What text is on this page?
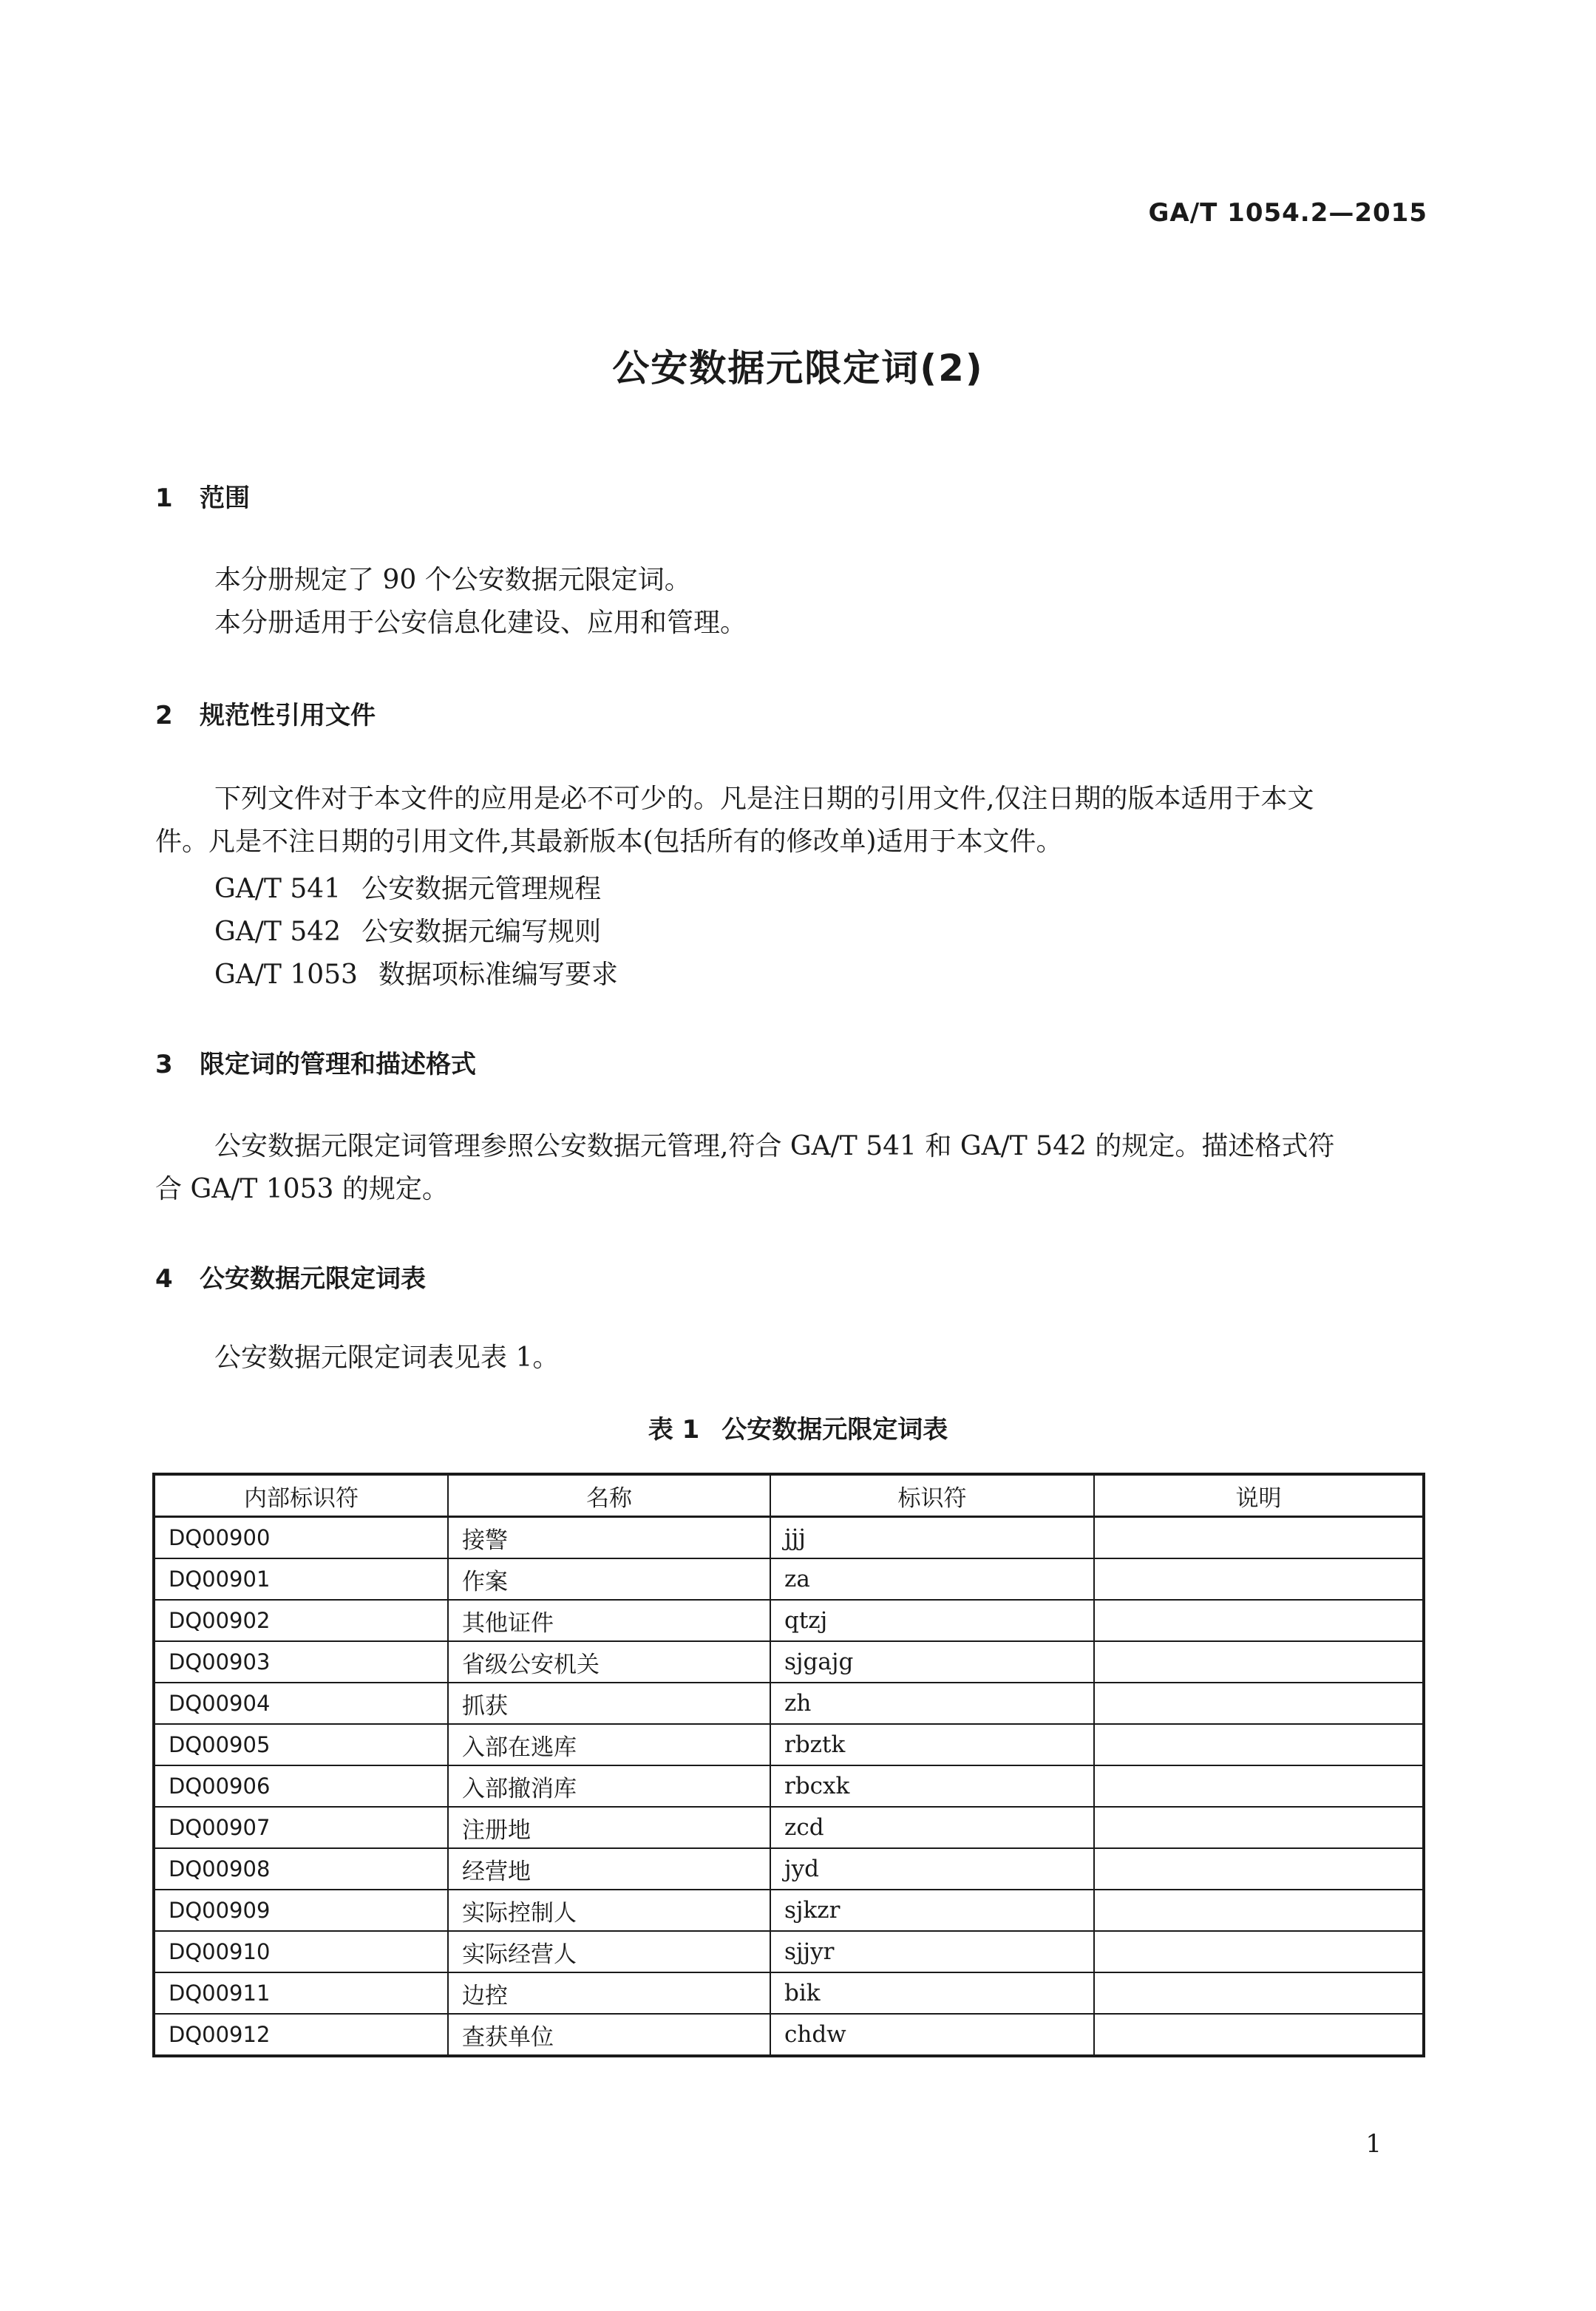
GA/T 1054.2—2015
公安数据元限定词(2)
1 范围
本分册规定了 90 个公安数据元限定词。
本分册适用于公安信息化建设、应用和管理。
2 规范性引用文件
下列文件对于本文件的应用是必不可少的。凡是注日期的引用文件,仅注日期的版本适用于本文
件。凡是不注日期的引用文件,其最新版本(包括所有的修改单)适用于本文件。
GA/T 541 公安数据元管理规程
GA/T 542 公安数据元编写规则
GA/T 1053 数据项标准编写要求
3 限定词的管理和描述格式
公安数据元限定词管理参照公安数据元管理,符合 GA/T 541 和 GA/T 542 的规定。描述格式符
合 GA/T 1053 的规定。
4 公安数据元限定词表
公安数据元限定词表见表 1。
表 1 公安数据元限定词表
内部标识符	名称	标识符	说明
DQ00900	接警	jjj	
DQ00901	作案	za	
DQ00902	其他证件	qtzj	
DQ00903	省级公安机关	sjgajg	
DQ00904	抓获	zh	
DQ00905	入部在逃库	rbztk	
DQ00906	入部撤消库	rbcxk	
DQ00907	注册地	zcd	
DQ00908	经营地	jyd	
DQ00909	实际控制人	sjkzr	
DQ00910	实际经营人	sjjyr	
DQ00911	边控	bik	
DQ00912	查获单位	chdw	
1
